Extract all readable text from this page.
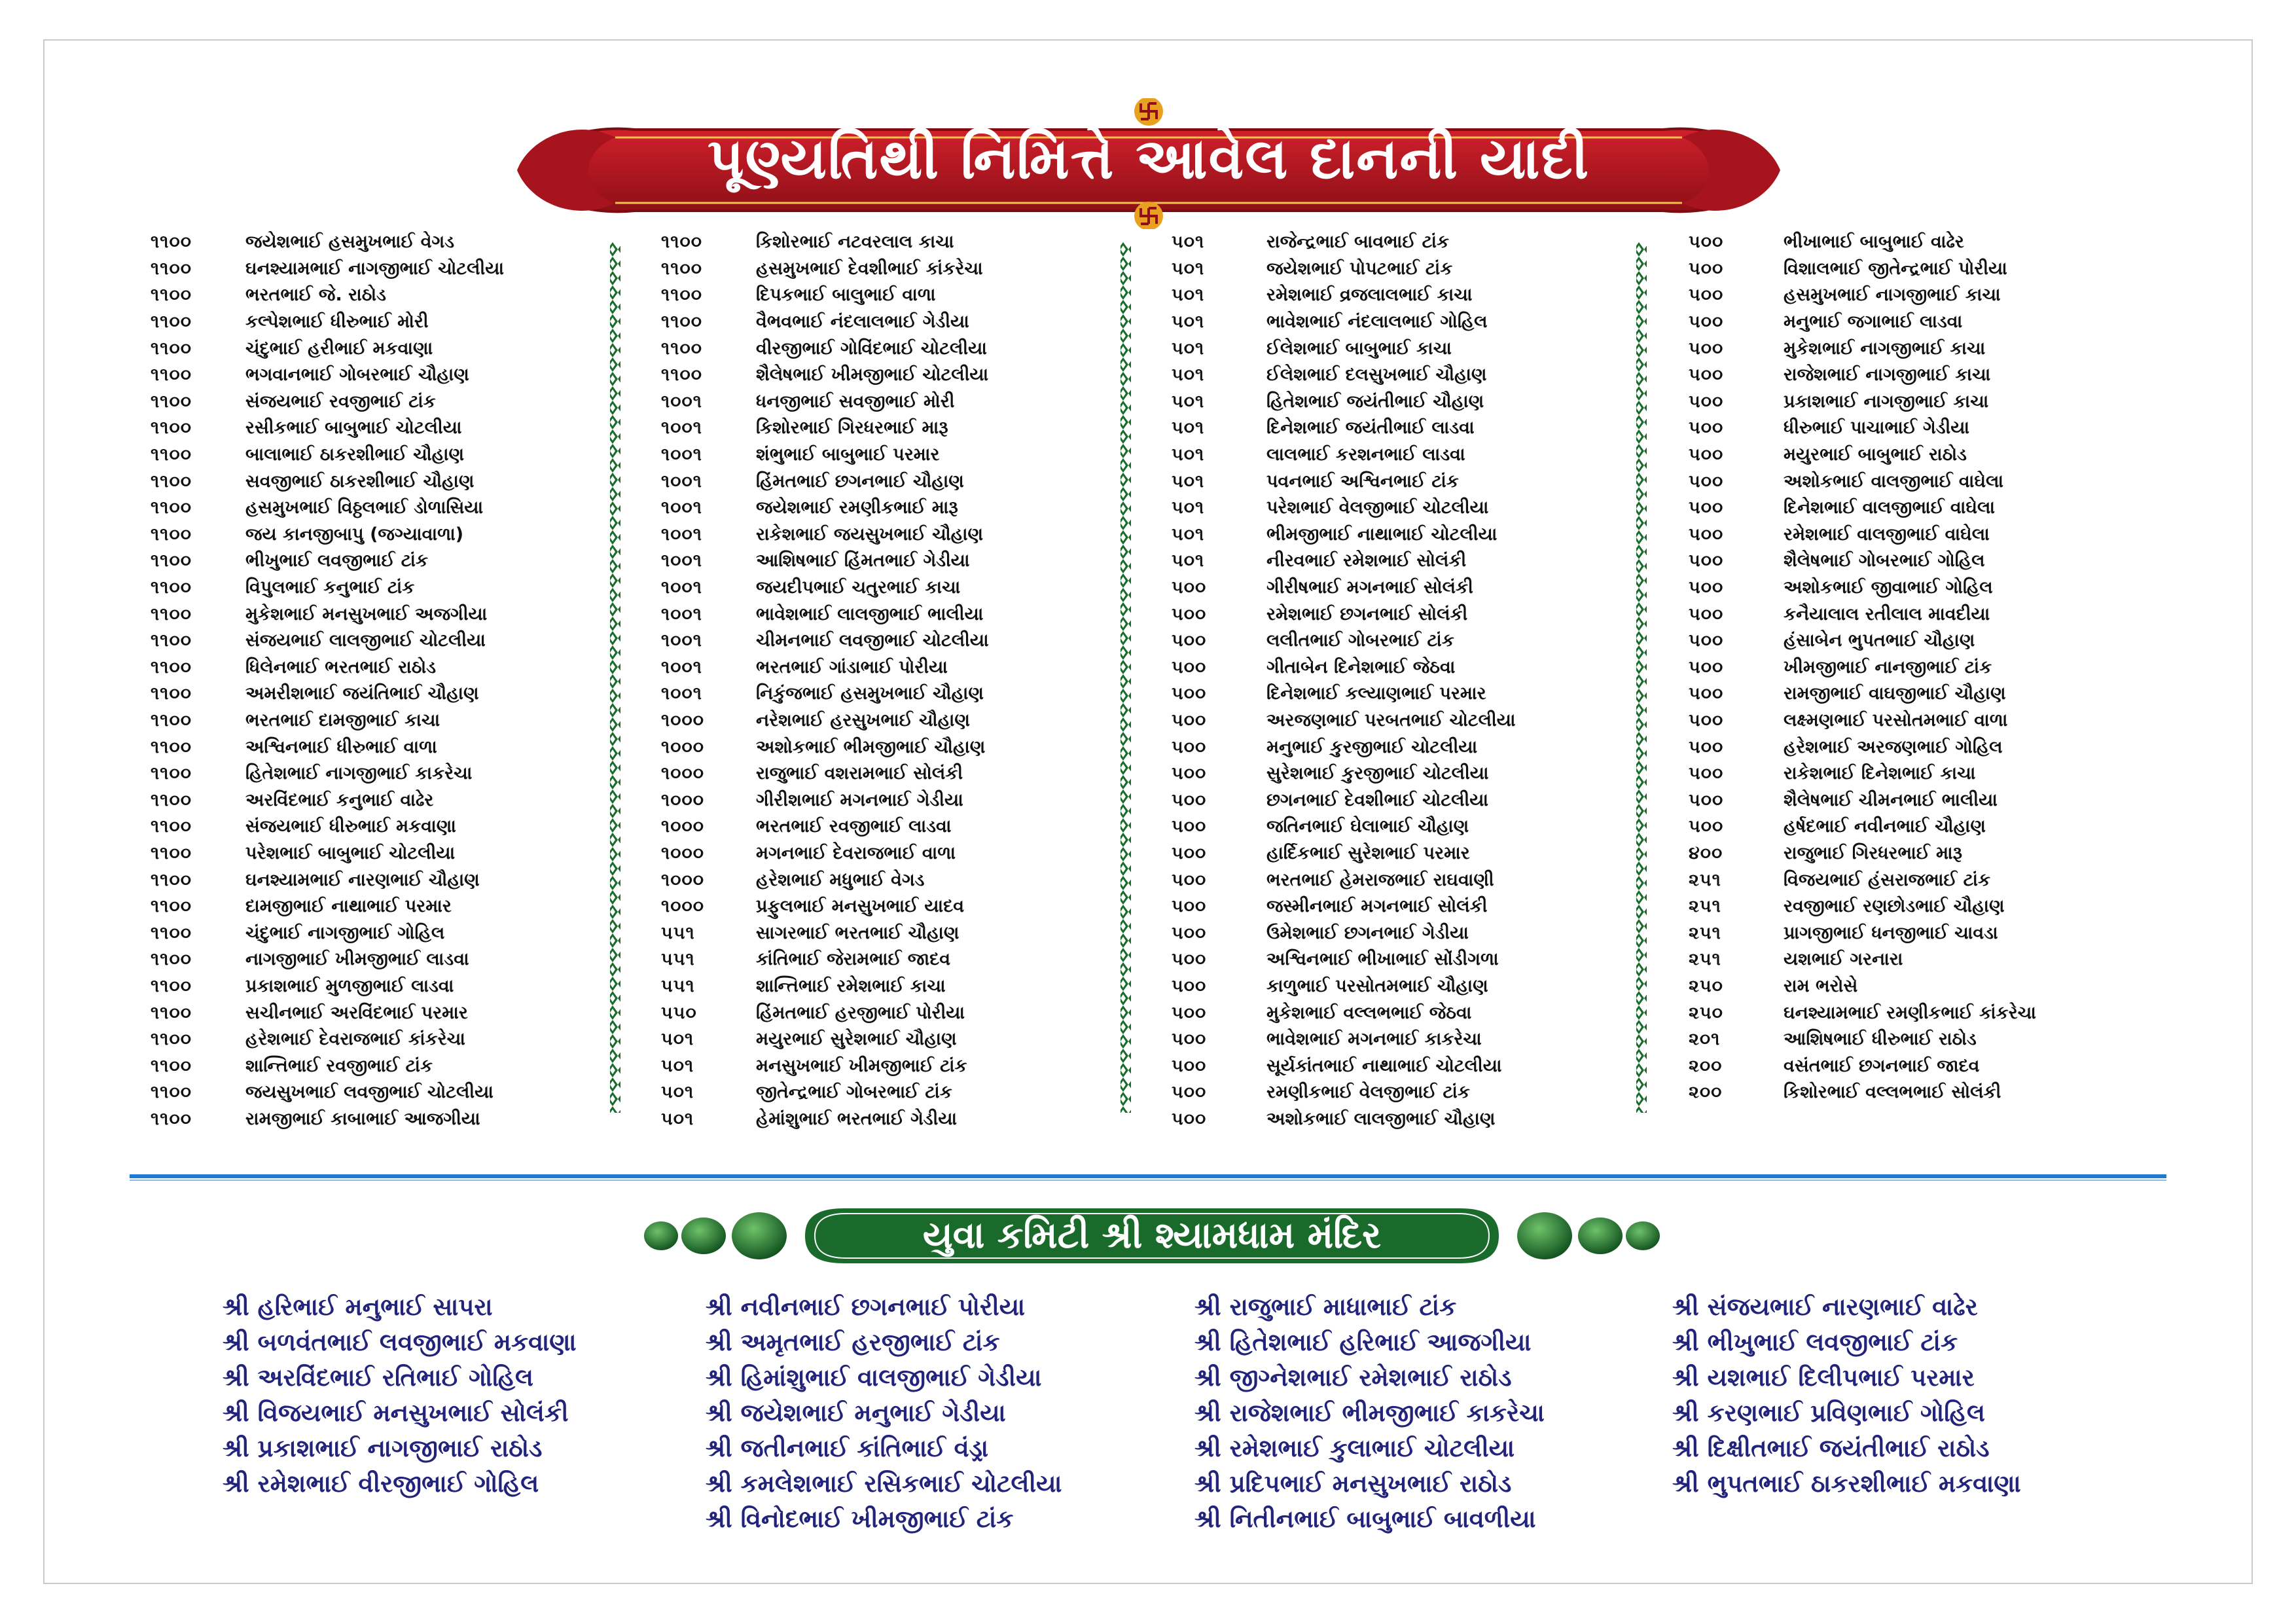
પૂણ્યતિથી નિમિત્તે આવેલ દાનની યાદી
૧૧૦૦	જયેશભાઈ હસમુખભાઈ વેગડ
૧૧૦૦	ઘનશ્યામભાઈ નાગજીભાઈ ચોટલીયા
૧૧૦૦	ભરતભાઈ જે. રાઠોડ
૧૧૦૦	કલ્પેશભાઈ ધીરુભાઈ મોરી
૧૧૦૦	ચંદુભાઈ હરીભાઈ મકવાણા
૧૧૦૦	ભગવાનભાઈ ગોબરભાઈ ચૌહાણ
૧૧૦૦	સંજયભાઈ રવજીભાઈ ટાંક
૧૧૦૦	રસીકભાઈ બાબુભાઈ ચોટલીયા
૧૧૦૦	બાલાભાઈ ઠાકરશીભાઈ ચૌહાણ
૧૧૦૦	સવજીભાઈ ઠાકરશીભાઈ ચૌહાણ
૧૧૦૦	હસમુખભાઈ વિઠ્ઠલભાઈ ડોળાસિયા
૧૧૦૦	જય કાનજીબાપુ (જગ્યાવાળા)
૧૧૦૦	ભીખુભાઈ લવજીભાઈ ટાંક
૧૧૦૦	વિપુલભાઈ કનુભાઈ ટાંક
૧૧૦૦	મુકેશભાઈ મનસુખભાઈ અજગીયા
૧૧૦૦	સંજયભાઈ લાલજીભાઈ ચોટલીયા
૧૧૦૦	ધિલેનભાઈ ભરતભાઈ રાઠોડ
૧૧૦૦	અમરીશભાઈ જયંતિભાઈ ચૌહાણ
૧૧૦૦	ભરતભાઈ દામજીભાઈ કાચા
૧૧૦૦	અશ્વિનભાઈ ધીરુભાઈ વાળા
૧૧૦૦	હિતેશભાઈ નાગજીભાઈ કાકરેચા
૧૧૦૦	અરવિંદભાઈ કનુભાઈ વાઢેર
૧૧૦૦	સંજયભાઈ ધીરુભાઈ મકવાણા
૧૧૦૦	પરેશભાઈ બાબુભાઈ ચોટલીયા
૧૧૦૦	ઘનશ્યામભાઈ નારણભાઈ ચૌહાણ
૧૧૦૦	દામજીભાઈ નાથાભાઈ પરમાર
૧૧૦૦	ચંદુભાઈ નાગજીભાઈ ગોહિલ
૧૧૦૦	નાગજીભાઈ ખીમજીભાઈ લાડવા
૧૧૦૦	પ્રકાશભાઈ મુળજીભાઈ લાડવા
૧૧૦૦	સચીનભાઈ અરવિંદભાઈ પરમાર
૧૧૦૦	હરેશભાઈ દેવરાજભાઈ કાંકરેચા
૧૧૦૦	શાન્તિભાઈ રવજીભાઈ ટાંક
૧૧૦૦	જયસુખભાઈ લવજીભાઈ ચોટલીયા
૧૧૦૦	રામજીભાઈ કાબાભાઈ આજગીયા
૧૧૦૦	કિશોરભાઈ નટવરલાલ કાચા
૧૧૦૦	હસમુખભાઈ દેવશીભાઈ કાંકરેચા
૧૧૦૦	દિપકભાઈ બાલુભાઈ વાળા
૧૧૦૦	વૈભવભાઈ નંદલાલભાઈ ગેડીયા
૧૧૦૦	વીરજીભાઈ ગોવિંદભાઈ ચોટલીયા
૧૧૦૦	શૈલેષભાઈ ખીમજીભાઈ ચોટલીયા
૧૦૦૧	ધનજીભાઈ સવજીભાઈ મોરી
૧૦૦૧	કિશોરભાઈ ગિરધરભાઈ મારૂ
૧૦૦૧	શંભુભાઈ બાબુભાઈ પરમાર
૧૦૦૧	હિંમતભાઈ છગનભાઈ ચૌહાણ
૧૦૦૧	જયેશભાઈ રમણીકભાઈ મારૂ
૧૦૦૧	રાકેશભાઈ જયસુખભાઈ ચૌહાણ
૧૦૦૧	આશિષભાઈ હિંમતભાઈ ગેડીયા
૧૦૦૧	જયદીપભાઈ ચતુરભાઈ કાચા
૧૦૦૧	ભાવેશભાઈ લાલજીભાઈ ભાલીયા
૧૦૦૧	ચીમનભાઈ લવજીભાઈ ચોટલીયા
૧૦૦૧	ભરતભાઈ ગાંડાભાઈ પોરીયા
૧૦૦૧	નિકુંજભાઈ હસમુખભાઈ ચૌહાણ
૧૦૦૦	નરેશભાઈ હરસુખભાઈ ચૌહાણ
૧૦૦૦	અશોકભાઈ ભીમજીભાઈ ચૌહાણ
૧૦૦૦	રાજુભાઈ વશરામભાઈ સોલંકી
૧૦૦૦	ગીરીશભાઈ મગનભાઈ ગેડીયા
૧૦૦૦	ભરતભાઈ રવજીભાઈ લાડવા
૧૦૦૦	મગનભાઈ દેવરાજભાઈ વાળા
૧૦૦૦	હરેશભાઈ મધુભાઈ વેગડ
૧૦૦૦	પ્રફુલભાઈ મનસુખભાઈ યાદવ
૫૫૧	સાગરભાઈ ભરતભાઈ ચૌહાણ
૫૫૧	કાંતિભાઈ જેરામભાઈ જાદવ
૫૫૧	શાન્તિભાઈ રમેશભાઈ કાચા
૫૫૦	હિંમતભાઈ હરજીભાઈ પોરીયા
૫૦૧	મયુરભાઈ સુરેશભાઈ ચૌહાણ
૫૦૧	મનસુખભાઈ ખીમજીભાઈ ટાંક
૫૦૧	જીતેન્દ્રભાઈ ગોબરભાઈ ટાંક
૫૦૧	હેમાંશુભાઈ ભરતભાઈ ગેડીયા
૫૦૧	રાજેન્દ્રભાઈ બાવભાઈ ટાંક
૫૦૧	જયેશભાઈ પોપટભાઈ ટાંક
૫૦૧	રમેશભાઈ વ્રજલાલભાઈ કાચા
૫૦૧	ભાવેશભાઈ નંદલાલભાઈ ગોહિલ
૫૦૧	ઈલેશભાઈ બાબુભાઈ કાચા
૫૦૧	ઈલેશભાઈ દલસુખભાઈ ચૌહાણ
૫૦૧	હિતેશભાઈ જયંતીભાઈ ચૌહાણ
૫૦૧	દિનેશભાઈ જયંતીભાઈ લાડવા
૫૦૧	લાલભાઈ કરશનભાઈ લાડવા
૫૦૧	પવનભાઈ અશ્વિનભાઈ ટાંક
૫૦૧	પરેશભાઈ વેલજીભાઈ ચોટલીયા
૫૦૧	ભીમજીભાઈ નાથાભાઈ ચોટલીયા
૫૦૧	નીરવભાઈ રમેશભાઈ સોલંકી
૫૦૦	ગીરીષભાઈ મગનભાઈ સોલંકી
૫૦૦	રમેશભાઈ છગનભાઈ સોલંકી
૫૦૦	લલીતભાઈ ગોબરભાઈ ટાંક
૫૦૦	ગીતાબેન દિનેશભાઈ જેઠવા
૫૦૦	દિનેશભાઈ કલ્યાણભાઈ પરમાર
૫૦૦	અરજણભાઈ પરબતભાઈ ચોટલીયા
૫૦૦	મનુભાઈ કુરજીભાઈ ચોટલીયા
૫૦૦	સુરેશભાઈ કુરજીભાઈ ચોટલીયા
૫૦૦	છગનભાઈ દેવશીભાઈ ચોટલીયા
૫૦૦	જતિનભાઈ ઘેલાભાઈ ચૌહાણ
૫૦૦	હાર્દિકભાઈ સુરેશભાઈ પરમાર
૫૦૦	ભરતભાઈ હેમરાજભાઈ રાઘવાણી
૫૦૦	જસ્મીનભાઈ મગનભાઈ સોલંકી
૫૦૦	ઉમેશભાઈ છગનભાઈ ગેડીયા
૫૦૦	અશ્વિનભાઈ ભીખાભાઈ સોંડીગળા
૫૦૦	કાળુભાઈ પરસોતમભાઈ ચૌહાણ
૫૦૦	મુકેશભાઈ વલ્લભભાઈ જેઠવા
૫૦૦	ભાવેશભાઈ મગનભાઈ કાકરેચા
૫૦૦	સૂર્યકાંતભાઈ નાથાભાઈ ચોટલીયા
૫૦૦	રમણીકભાઈ વેલજીભાઈ ટાંક
૫૦૦	અશોકભાઈ લાલજીભાઈ ચૌહાણ
૫૦૦	ભીખાભાઈ બાબુભાઈ વાઢેર
૫૦૦	વિશાલભાઈ જીતેન્દ્રભાઈ પોરીયા
૫૦૦	હસમુખભાઈ નાગજીભાઈ કાચા
૫૦૦	મનુભાઈ જગાભાઈ લાડવા
૫૦૦	મુકેશભાઈ નાગજીભાઈ કાચા
૫૦૦	રાજેશભાઈ નાગજીભાઈ કાચા
૫૦૦	પ્રકાશભાઈ નાગજીભાઈ કાચા
૫૦૦	ધીરુભાઈ પાચાભાઈ ગેડીયા
૫૦૦	મયુરભાઈ બાબુભાઈ રાઠોડ
૫૦૦	અશોકભાઈ વાલજીભાઈ વાઘેલા
૫૦૦	દિનેશભાઈ વાલજીભાઈ વાઘેલા
૫૦૦	રમેશભાઈ વાલજીભાઈ વાઘેલા
૫૦૦	શૈલેષભાઈ ગોબરભાઈ ગોહિલ
૫૦૦	અશોકભાઈ જીવાભાઈ ગોહિલ
૫૦૦	કનૈયાલાલ રતીલાલ માવદીયા
૫૦૦	હંસાબેન ભુપતભાઈ ચૌહાણ
૫૦૦	ખીમજીભાઈ નાનજીભાઈ ટાંક
૫૦૦	રામજીભાઈ વાઘજીભાઈ ચૌહાણ
૫૦૦	લક્ષ્મણભાઈ પરસોતમભાઈ વાળા
૫૦૦	હરેશભાઈ અરજણભાઈ ગોહિલ
૫૦૦	રાકેશભાઈ દિનેશભાઈ કાચા
૫૦૦	શૈલેષભાઈ ચીમનભાઈ ભાલીયા
૫૦૦	હર્ષદભાઈ નવીનભાઈ ચૌહાણ
૪૦૦	રાજુભાઈ ગિરધરભાઈ મારૂ
૨૫૧	વિજયભાઈ હંસરાજભાઈ ટાંક
૨૫૧	રવજીભાઈ રણછોડભાઈ ચૌહાણ
૨૫૧	પ્રાગજીભાઈ ધનજીભાઈ ચાવડા
૨૫૧	યશભાઈ ગરનારા
૨૫૦	રામ ભરોસે
૨૫૦	ઘનશ્યામભાઈ રમણીકભાઈ કાંકરેચા
૨૦૧	આશિષભાઈ ધીરુભાઈ રાઠોડ
૨૦૦	વસંતભાઈ છગનભાઈ જાદવ
૨૦૦	કિશોરભાઈ વલ્લભભાઈ સોલંકી
યુવા કમિટી શ્રી શ્યામધામ મંદિર
શ્રી હરિભાઈ મનુભાઈ સાપરા
શ્રી બળવંતભાઈ લવજીભાઈ મકવાણા
શ્રી અરવિંદભાઈ રતિભાઈ ગોહિલ
શ્રી વિજયભાઈ મનસુખભાઈ સોલંકી
શ્રી પ્રકાશભાઈ નાગજીભાઈ રાઠોડ
શ્રી રમેશભાઈ વીરજીભાઈ ગોહિલ
શ્રી નવીનભાઈ છગનભાઈ પોરીયા
શ્રી અમૃતભાઈ હરજીભાઈ ટાંક
શ્રી હિમાંશુભાઈ વાલજીભાઈ ગેડીયા
શ્રી જયેશભાઈ મનુભાઈ ગેડીયા
શ્રી જતીનભાઈ કાંતિભાઈ વંડ્રા
શ્રી કમલેશભાઈ રસિકભાઈ ચોટલીયા
શ્રી વિનોદભાઈ ખીમજીભાઈ ટાંક
શ્રી રાજુભાઈ માધાભાઈ ટાંક
શ્રી હિતેશભાઈ હરિભાઈ આજગીયા
શ્રી જીગ્નેશભાઈ રમેશભાઈ રાઠોડ
શ્રી રાજેશભાઈ ભીમજીભાઈ કાકરેચા
શ્રી રમેશભાઈ કુલાભાઈ ચોટલીયા
શ્રી પ્રદિપભાઈ મનસુખભાઈ રાઠોડ
શ્રી નિતીનભાઈ બાબુભાઈ બાવળીયા
શ્રી સંજયભાઈ નારણભાઈ વાઢેર
શ્રી ભીખુભાઈ લવજીભાઈ ટાંક
શ્રી યશભાઈ દિલીપભાઈ પરમાર
શ્રી કરણભાઈ પ્રવિણભાઈ ગોહિલ
શ્રી દિક્ષીતભાઈ જયંતીભાઈ રાઠોડ
શ્રી ભુપતભાઈ ઠાકરશીભાઈ મકવાણા
